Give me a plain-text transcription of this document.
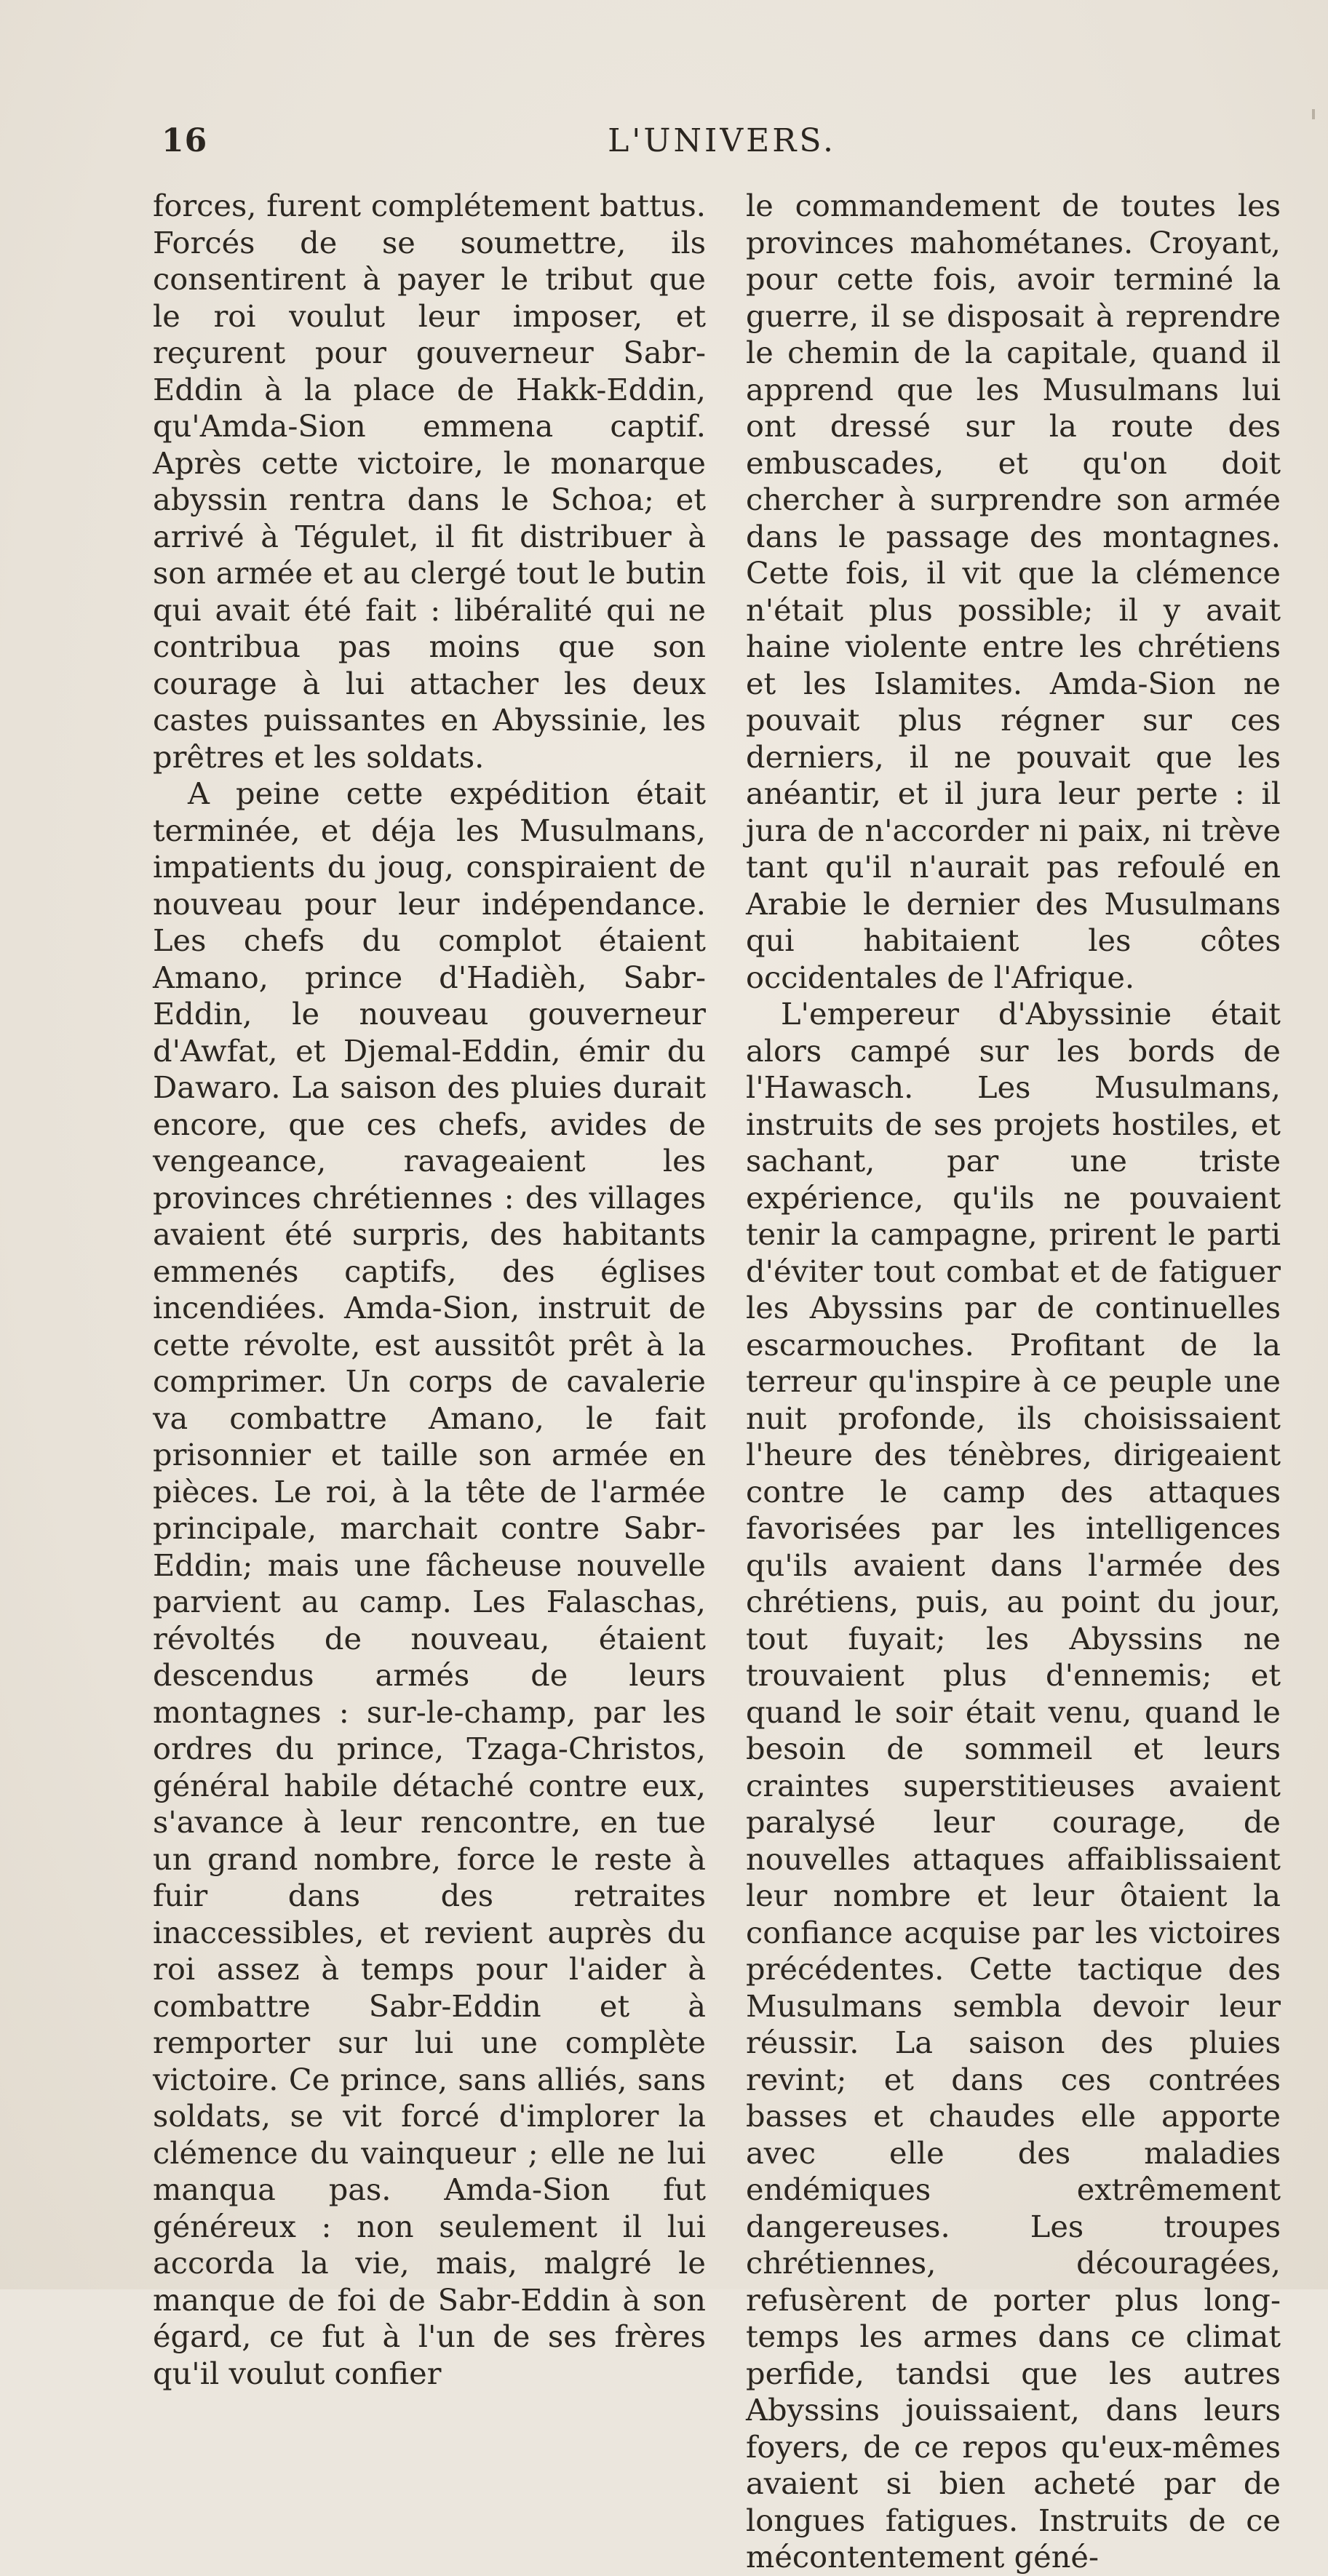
16	L'UNIVERS.

forces, furent complétement battus. Forcés de se soumettre, ils consentirent à payer le tribut que le roi voulut leur imposer, et reçurent pour gouverneur Sabr-Eddin à la place de Hakk-Eddin, qu'Amda-Sion emmena captif. Après cette victoire, le monarque abyssin rentra dans le Schoa; et arrivé à Tégulet, il fit distribuer à son armée et au clergé tout le butin qui avait été fait : libéralité qui ne contribua pas moins que son courage à lui attacher les deux castes puissantes en Abyssinie, les prêtres et les soldats.

A peine cette expédition était terminée, et déja les Musulmans, impatients du joug, conspiraient de nouveau pour leur indépendance. Les chefs du complot étaient Amano, prince d'Hadièh, Sabr-Eddin, le nouveau gouverneur d'Awfat, et Djemal-Eddin, émir du Dawaro. La saison des pluies durait encore, que ces chefs, avides de vengeance, ravageaient les provinces chrétiennes : des villages avaient été surpris, des habitants emmenés captifs, des églises incendiées. Amda-Sion, instruit de cette révolte, est aussitôt prêt à la comprimer. Un corps de cavalerie va combattre Amano, le fait prisonnier et taille son armée en pièces. Le roi, à la tête de l'armée principale, marchait contre Sabr-Eddin; mais une fâcheuse nouvelle parvient au camp. Les Falaschas, révoltés de nouveau, étaient descendus armés de leurs montagnes : sur-le-champ, par les ordres du prince, Tzaga-Christos, général habile détaché contre eux, s'avance à leur rencontre, en tue un grand nombre, force le reste à fuir dans des retraites inaccessibles, et revient auprès du roi assez à temps pour l'aider à combattre Sabr-Eddin et à remporter sur lui une complète victoire. Ce prince, sans alliés, sans soldats, se vit forcé d'implorer la clémence du vainqueur ; elle ne lui manqua pas. Amda-Sion fut généreux : non seulement il lui accorda la vie, mais, malgré le manque de foi de Sabr-Eddin à son égard, ce fut à l'un de ses frères qu'il voulut confier

le commandement de toutes les provinces mahométanes. Croyant, pour cette fois, avoir terminé la guerre, il se disposait à reprendre le chemin de la capitale, quand il apprend que les Musulmans lui ont dressé sur la route des embuscades, et qu'on doit chercher à surprendre son armée dans le passage des montagnes. Cette fois, il vit que la clémence n'était plus possible; il y avait haine violente entre les chrétiens et les Islamites. Amda-Sion ne pouvait plus régner sur ces derniers, il ne pouvait que les anéantir, et il jura leur perte : il jura de n'accorder ni paix, ni trève tant qu'il n'aurait pas refoulé en Arabie le dernier des Musulmans qui habitaient les côtes occidentales de l'Afrique.

L'empereur d'Abyssinie était alors campé sur les bords de l'Hawasch. Les Musulmans, instruits de ses projets hostiles, et sachant, par une triste expérience, qu'ils ne pouvaient tenir la campagne, prirent le parti d'éviter tout combat et de fatiguer les Abyssins par de continuelles escarmouches. Profitant de la terreur qu'inspire à ce peuple une nuit profonde, ils choisissaient l'heure des ténèbres, dirigeaient contre le camp des attaques favorisées par les intelligences qu'ils avaient dans l'armée des chrétiens, puis, au point du jour, tout fuyait; les Abyssins ne trouvaient plus d'ennemis; et quand le soir était venu, quand le besoin de sommeil et leurs craintes superstitieuses avaient paralysé leur courage, de nouvelles attaques affaiblissaient leur nombre et leur ôtaient la confiance acquise par les victoires précédentes. Cette tactique des Musulmans sembla devoir leur réussir. La saison des pluies revint; et dans ces contrées basses et chaudes elle apporte avec elle des maladies endémiques extrêmement dangereuses. Les troupes chrétiennes, découragées, refusèrent de porter plus long-temps les armes dans ce climat perfide, tandsi que les autres Abyssins jouissaient, dans leurs foyers, de ce repos qu'eux-mêmes avaient si bien acheté par de longues fatigues. Instruits de ce mécontentement géné-
